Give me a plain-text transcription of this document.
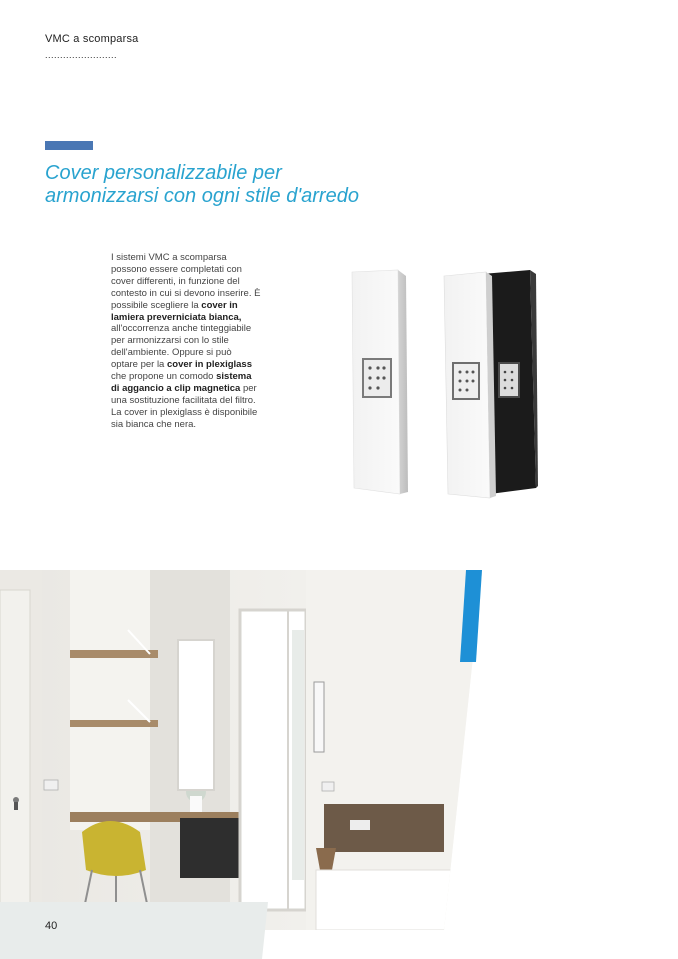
VMC a scomparsa
........................
Cover personalizzabile per
armonizzarsi con ogni stile d'arredo

I sistemi VMC a scomparsa possono essere completati con cover differenti, in funzione del contesto in cui si devono inserire. È possibile scegliere la cover in lamiera preverniciata bianca, all'occorrenza anche tinteggiabile per armonizzarsi con lo stile dell'ambiente. Oppure si può optare per la cover in plexiglass che propone un comodo sistema di aggancio a clip magnetica per una sostituzione facilitata del filtro. La cover in plexiglass è disponibile sia bianca che nera.

40
